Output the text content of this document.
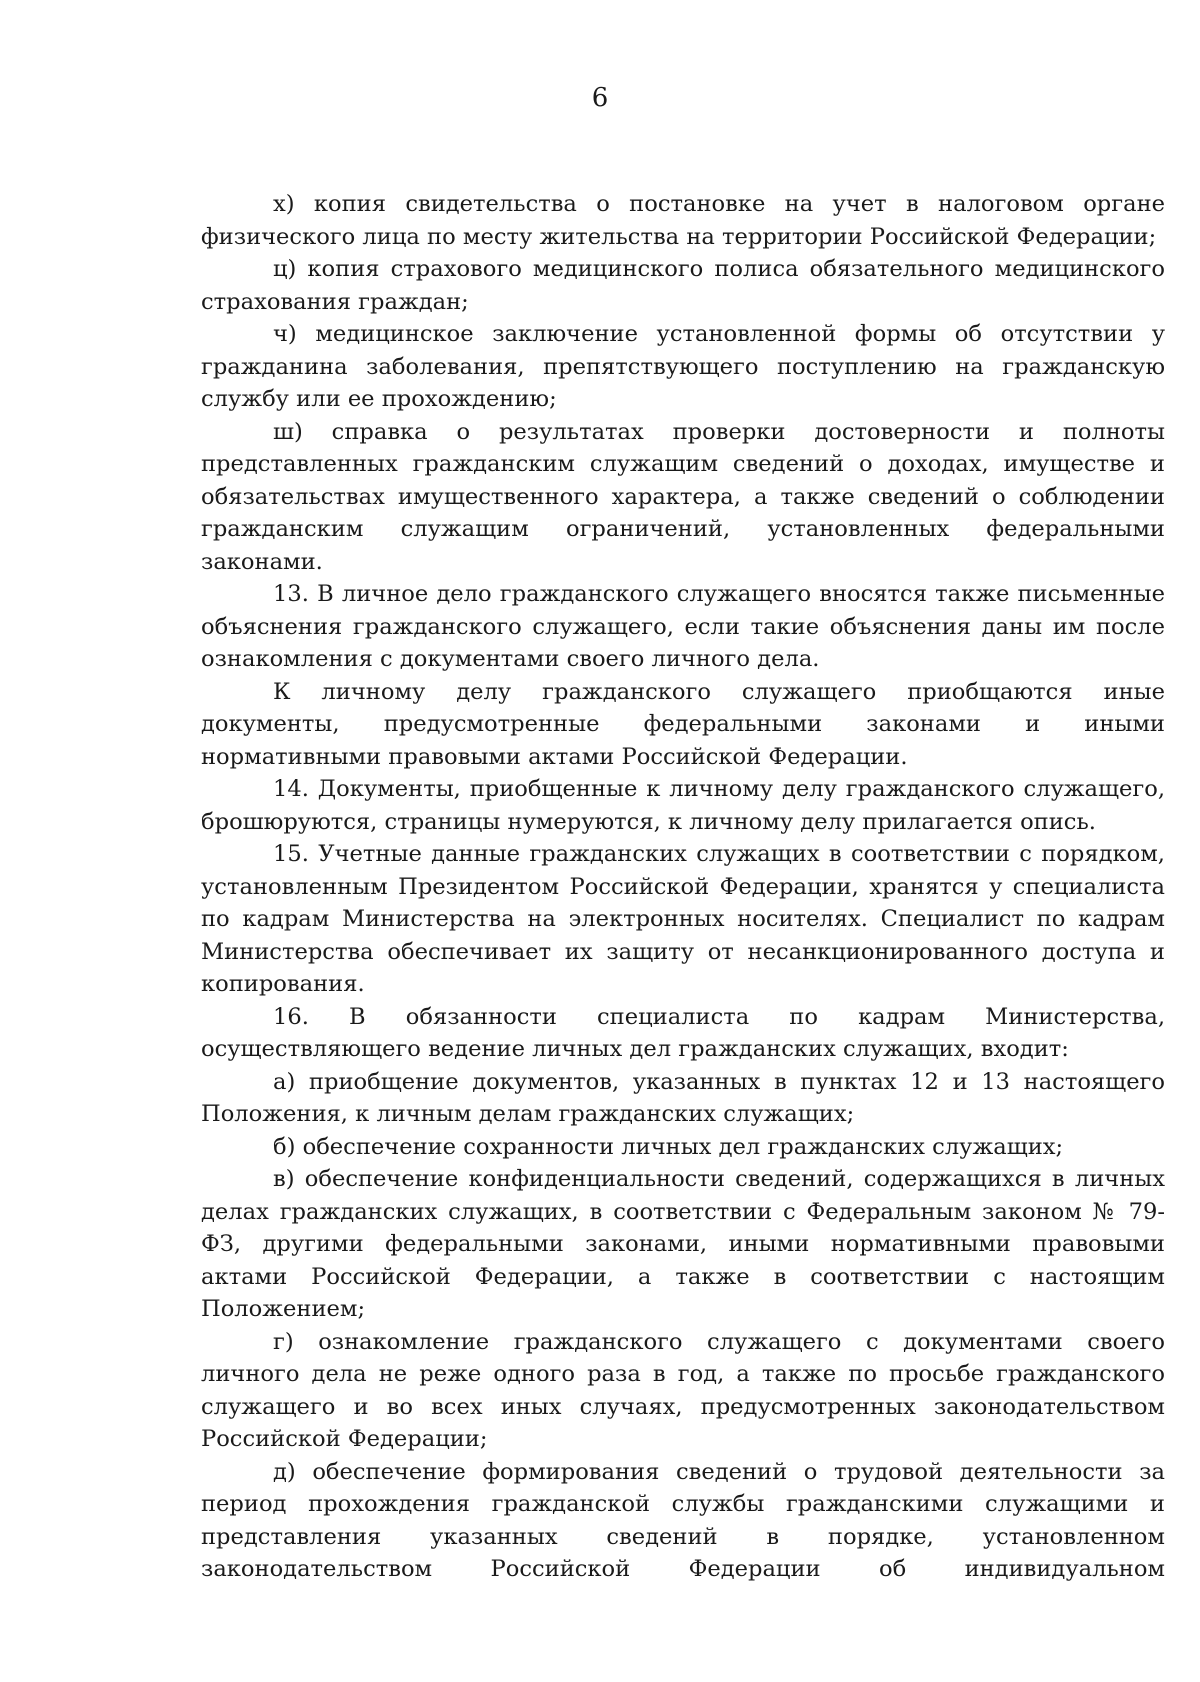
6

х) копия свидетельства о постановке на учет в налоговом органе физического лица по месту жительства на территории Российской Федерации;

ц) копия страхового медицинского полиса обязательного медицинского страхования граждан;

ч) медицинское заключение установленной формы об отсутствии у гражданина заболевания, препятствующего поступлению на гражданскую службу или ее прохождению;

ш) справка о результатах проверки достоверности и полноты представленных гражданским служащим сведений о доходах, имуществе и обязательствах имущественного характера, а также сведений о соблюдении гражданским служащим ограничений, установленных федеральными законами.

13. В личное дело гражданского служащего вносятся также письменные объяснения гражданского служащего, если такие объяснения даны им после ознакомления с документами своего личного дела.

К личному делу гражданского служащего приобщаются иные документы, предусмотренные федеральными законами и иными нормативными правовыми актами Российской Федерации.

14. Документы, приобщенные к личному делу гражданского служащего, брошюруются, страницы нумеруются, к личному делу прилагается опись.

15. Учетные данные гражданских служащих в соответствии с порядком, установленным Президентом Российской Федерации, хранятся у специалиста по кадрам Министерства на электронных носителях. Специалист по кадрам Министерства обеспечивает их защиту от несанкционированного доступа и копирования.

16. В обязанности специалиста по кадрам Министерства, осуществляющего ведение личных дел гражданских служащих, входит:

а) приобщение документов, указанных в пунктах 12 и 13 настоящего Положения, к личным делам гражданских служащих;

б) обеспечение сохранности личных дел гражданских служащих;

в) обеспечение конфиденциальности сведений, содержащихся в личных делах гражданских служащих, в соответствии с Федеральным законом № 79-ФЗ, другими федеральными законами, иными нормативными правовыми актами Российской Федерации, а также в соответствии с настоящим Положением;

г) ознакомление гражданского служащего с документами своего личного дела не реже одного раза в год, а также по просьбе гражданского служащего и во всех иных случаях, предусмотренных законодательством Российской Федерации;

д) обеспечение формирования сведений о трудовой деятельности за период прохождения гражданской службы гражданскими служащими и представления указанных сведений в порядке, установленном законодательством Российской Федерации об индивидуальном
